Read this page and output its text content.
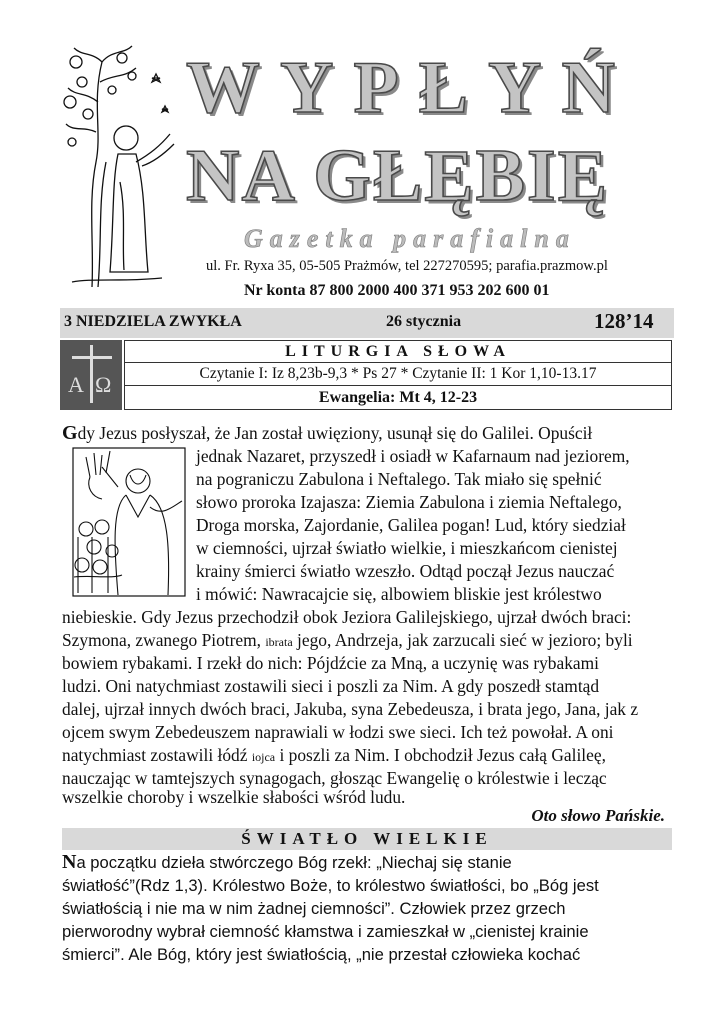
WYPŁYŃ
NA GŁĘBIĘ
Gazetka parafialna
ul. Fr. Ryxa 35, 05-505 Prażmów, tel 227270595; parafia.prazmow.pl
Nr konta 87 800 2000 400 371 953 202 600 01
3 NIEDZIELA ZWYKŁA	26 stycznia	128’14
A Ω
LITURGIA SŁOWA
Czytanie I: Iz 8,23b-9,3 * Ps 27 * Czytanie II: 1 Kor 1,10-13.17
Ewangelia: Mt 4, 12-23
Gdy Jezus posłyszał, że Jan został uwięziony, usunął się do Galilei. Opuścił
jednak Nazaret, przyszedł i osiadł w Kafarnaum nad jeziorem,
na pograniczu Zabulona i Neftalego. Tak miało się spełnić
słowo proroka Izajasza: Ziemia Zabulona i ziemia Neftalego,
Droga morska, Zajordanie, Galilea pogan! Lud, który siedział
w ciemności, ujrzał światło wielkie, i mieszkańcom cienistej
krainy śmierci światło wzeszło. Odtąd począł Jezus nauczać
i mówić: Nawracajcie się, albowiem bliskie jest królestwo
niebieskie. Gdy Jezus przechodził obok Jeziora Galilejskiego, ujrzał dwóch braci:
Szymona, zwanego Piotrem, ibrata jego, Andrzeja, jak zarzucali sieć w jezioro; byli
bowiem rybakami. I rzekł do nich: Pójdźcie za Mną, a uczynię was rybakami
ludzi. Oni natychmiast zostawili sieci i poszli za Nim. A gdy poszedł stamtąd
dalej, ujrzał innych dwóch braci, Jakuba, syna Zebedeusza, i brata jego, Jana, jak z
ojcem swym Zebedeuszem naprawiali w łodzi swe sieci. Ich też powołał. A oni
natychmiast zostawili łódź iojca i poszli za Nim. I obchodził Jezus całą Galileę,
nauczając w tamtejszych synagogach, głosząc Ewangelię o królestwie i lecząc
wszelkie choroby i wszelkie słabości wśród ludu.
Oto słowo Pańskie.
ŚWIATŁO WIELKIE
Na początku dzieła stwórczego Bóg rzekł: „Niechaj się stanie
światłość”(Rdz 1,3). Królestwo Boże, to królestwo światłości, bo „Bóg jest
światłością i nie ma w nim żadnej ciemności”. Człowiek przez grzech
pierworodny wybrał ciemność kłamstwa i zamieszkał w „cienistej krainie
śmierci”. Ale Bóg, który jest światłością, „nie przestał człowieka kochać
